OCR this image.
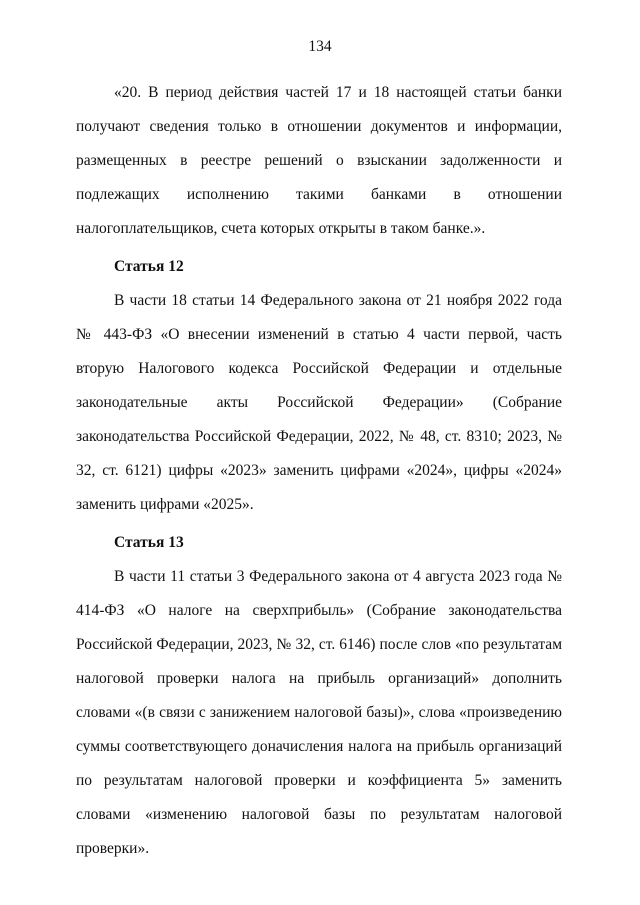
134

«20. В период действия частей 17 и 18 настоящей статьи банки получают сведения только в отношении документов и информации, размещенных в реестре решений о взыскании задолженности и подлежащих исполнению такими банками в отношении налогоплательщиков, счета которых открыты в таком банке.».

Статья 12

В части 18 статьи 14 Федерального закона от 21 ноября 2022 года № 443-ФЗ «О внесении изменений в статью 4 части первой, часть вторую Налогового кодекса Российской Федерации и отдельные законодательные акты Российской Федерации» (Собрание законодательства Российской Федерации, 2022, № 48, ст. 8310; 2023, № 32, ст. 6121) цифры «2023» заменить цифрами «2024», цифры «2024» заменить цифрами «2025».

Статья 13

В части 11 статьи 3 Федерального закона от 4 августа 2023 года № 414-ФЗ «О налоге на сверхприбыль» (Собрание законодательства Российской Федерации, 2023, № 32, ст. 6146) после слов «по результатам налоговой проверки налога на прибыль организаций» дополнить словами «(в связи с занижением налоговой базы)», слова «произведению суммы соответствующего доначисления налога на прибыль организаций по результатам налоговой проверки и коэффициента 5» заменить словами «изменению налоговой базы по результатам налоговой проверки».
